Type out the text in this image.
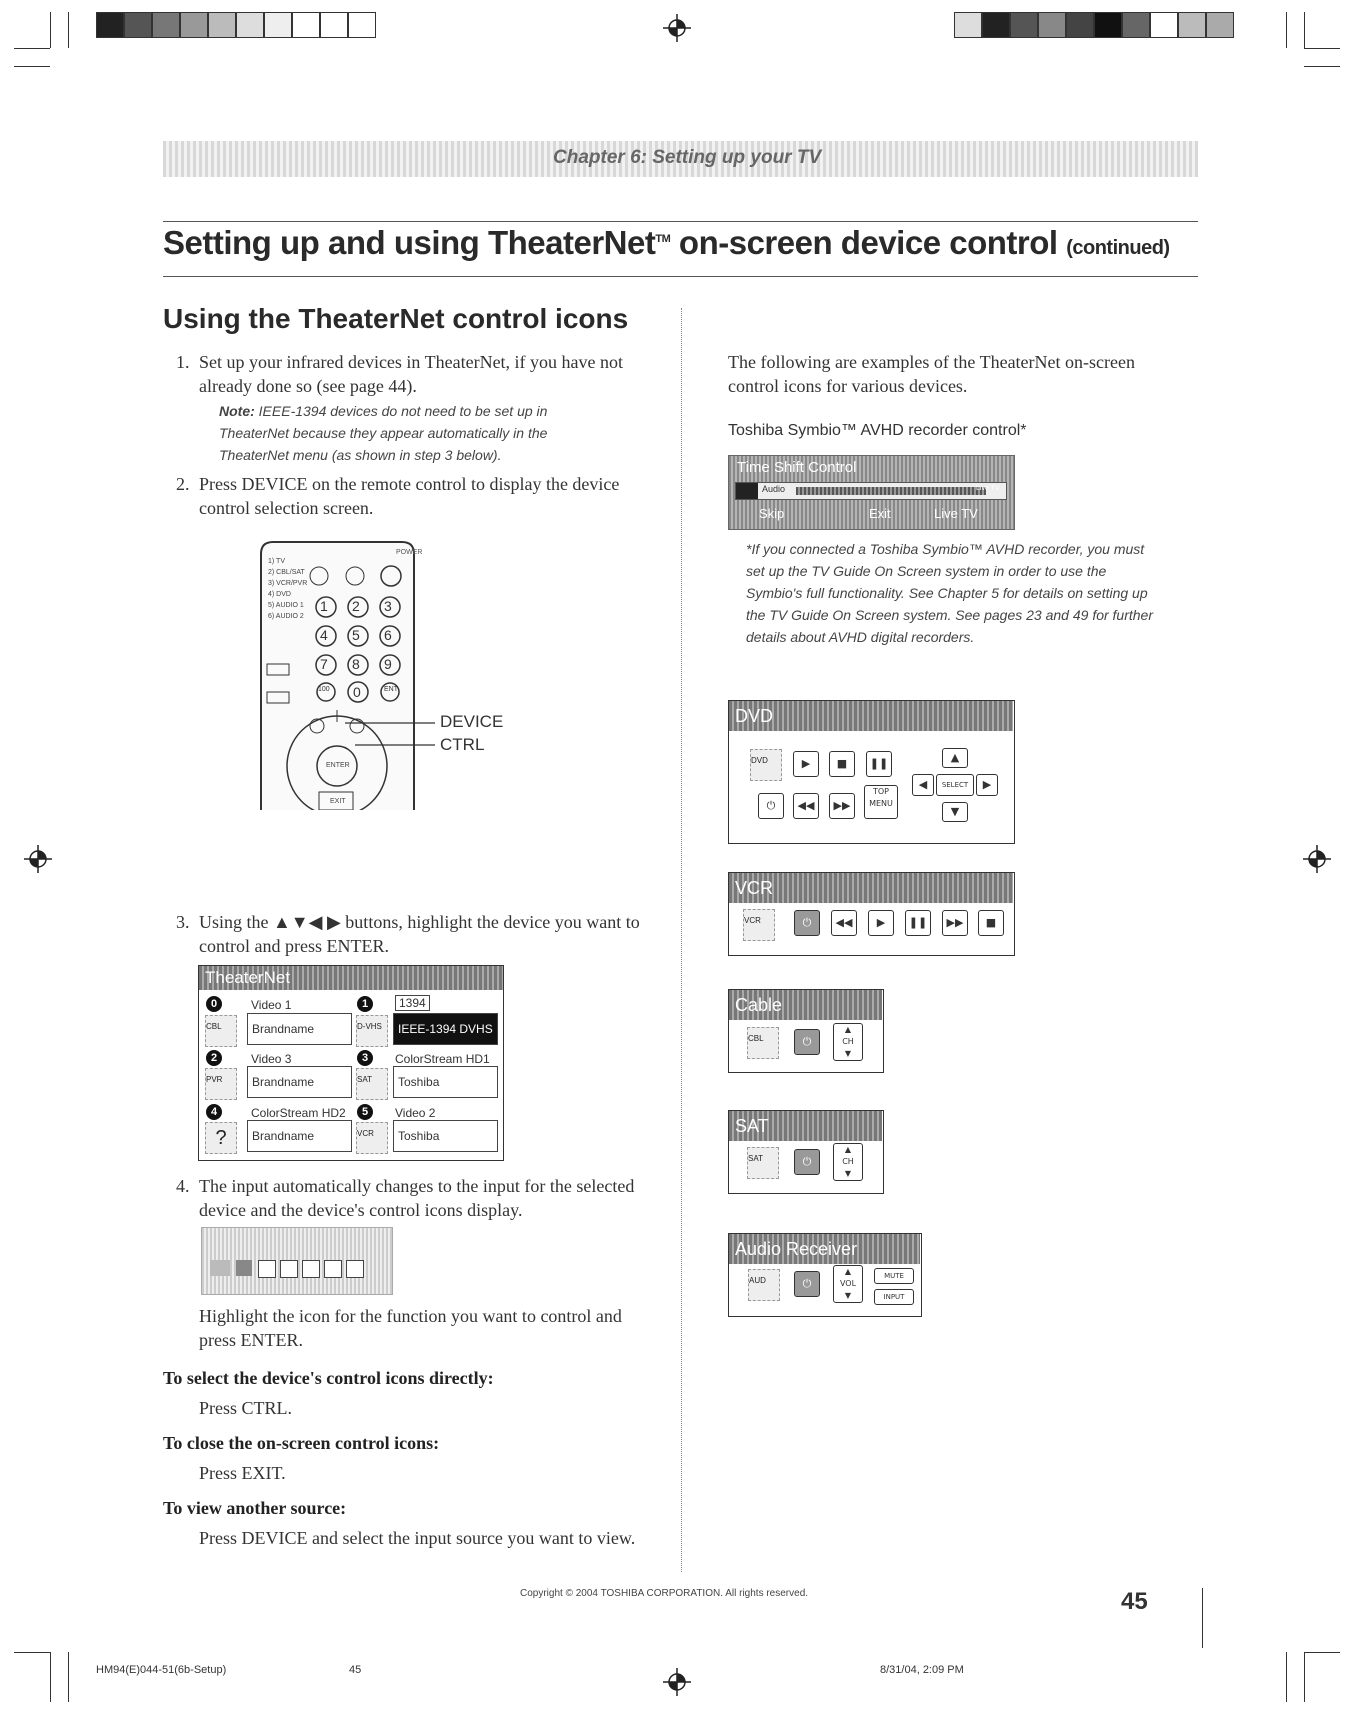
Chapter 6: Setting up your TV
Setting up and using TheaterNet™ on-screen device control (continued)
Using the TheaterNet control icons
1. Set up your infrared devices in TheaterNet, if you have not already done so (see page 44).
Note: IEEE-1394 devices do not need to be set up in TheaterNet because they appear automatically in the TheaterNet menu (as shown in step 3 below).
2. Press DEVICE on the remote control to display the device control selection screen.
POWER
1) TV
2) CBL/SAT
3) VCR/PVR
4) DVD
5) AUDIO 1
6) AUDIO 2
1 2 3
4 5 6
7 8 9
100 0	ENT
ENTER
EXIT
DEVICE
CTRL
3. Using the ▲▼◀ ▶ buttons, highlight the device you want to control and press ENTER.
TheaterNet
0	Video 1
CBL	Brandname
1	1394
D-VHS	IEEE-1394 DVHS
2	Video 3
PVR	Brandname
3	ColorStream HD1
SAT	Toshiba
4	ColorStream HD2
?	Brandname
5	Video 2
VCR	Toshiba
4. The input automatically changes to the input for the selected device and the device's control icons display.
Highlight the icon for the function you want to control and press ENTER.
To select the device's control icons directly:
Press CTRL.
To close the on-screen control icons:
Press EXIT.
To view another source:
Press DEVICE and select the input source you want to view.
The following are examples of the TheaterNet on-screen control icons for various devices.
Toshiba Symbio™ AVHD recorder control*
Time Shift Control
Audio	Live TV
Skip	Exit	Live TV
*If you connected a Toshiba Symbio™ AVHD recorder, you must set up the TV Guide On Screen system in order to use the Symbio's full functionality. See Chapter 5 for details on setting up the TV Guide On Screen system. See pages 23 and 49 for further details about AVHD digital recorders.
DVD
DVD	▶	■	❚❚
⏻	◀◀	▶▶
TOP MENU
▲
◀	SELECT	▶
▼
VCR
VCR	⏻	◀◀	▶	❚❚	▶▶	■
Cable
CBL	⏻
▲
CH
▼
SAT
SAT	⏻
▲
CH
▼
Audio Receiver
AUD	⏻
▲
VOL
▼
MUTE
INPUT
Copyright © 2004 TOSHIBA CORPORATION. All rights reserved.	45
HM94(E)044-51(6b-Setup)	45	8/31/04, 2:09 PM
